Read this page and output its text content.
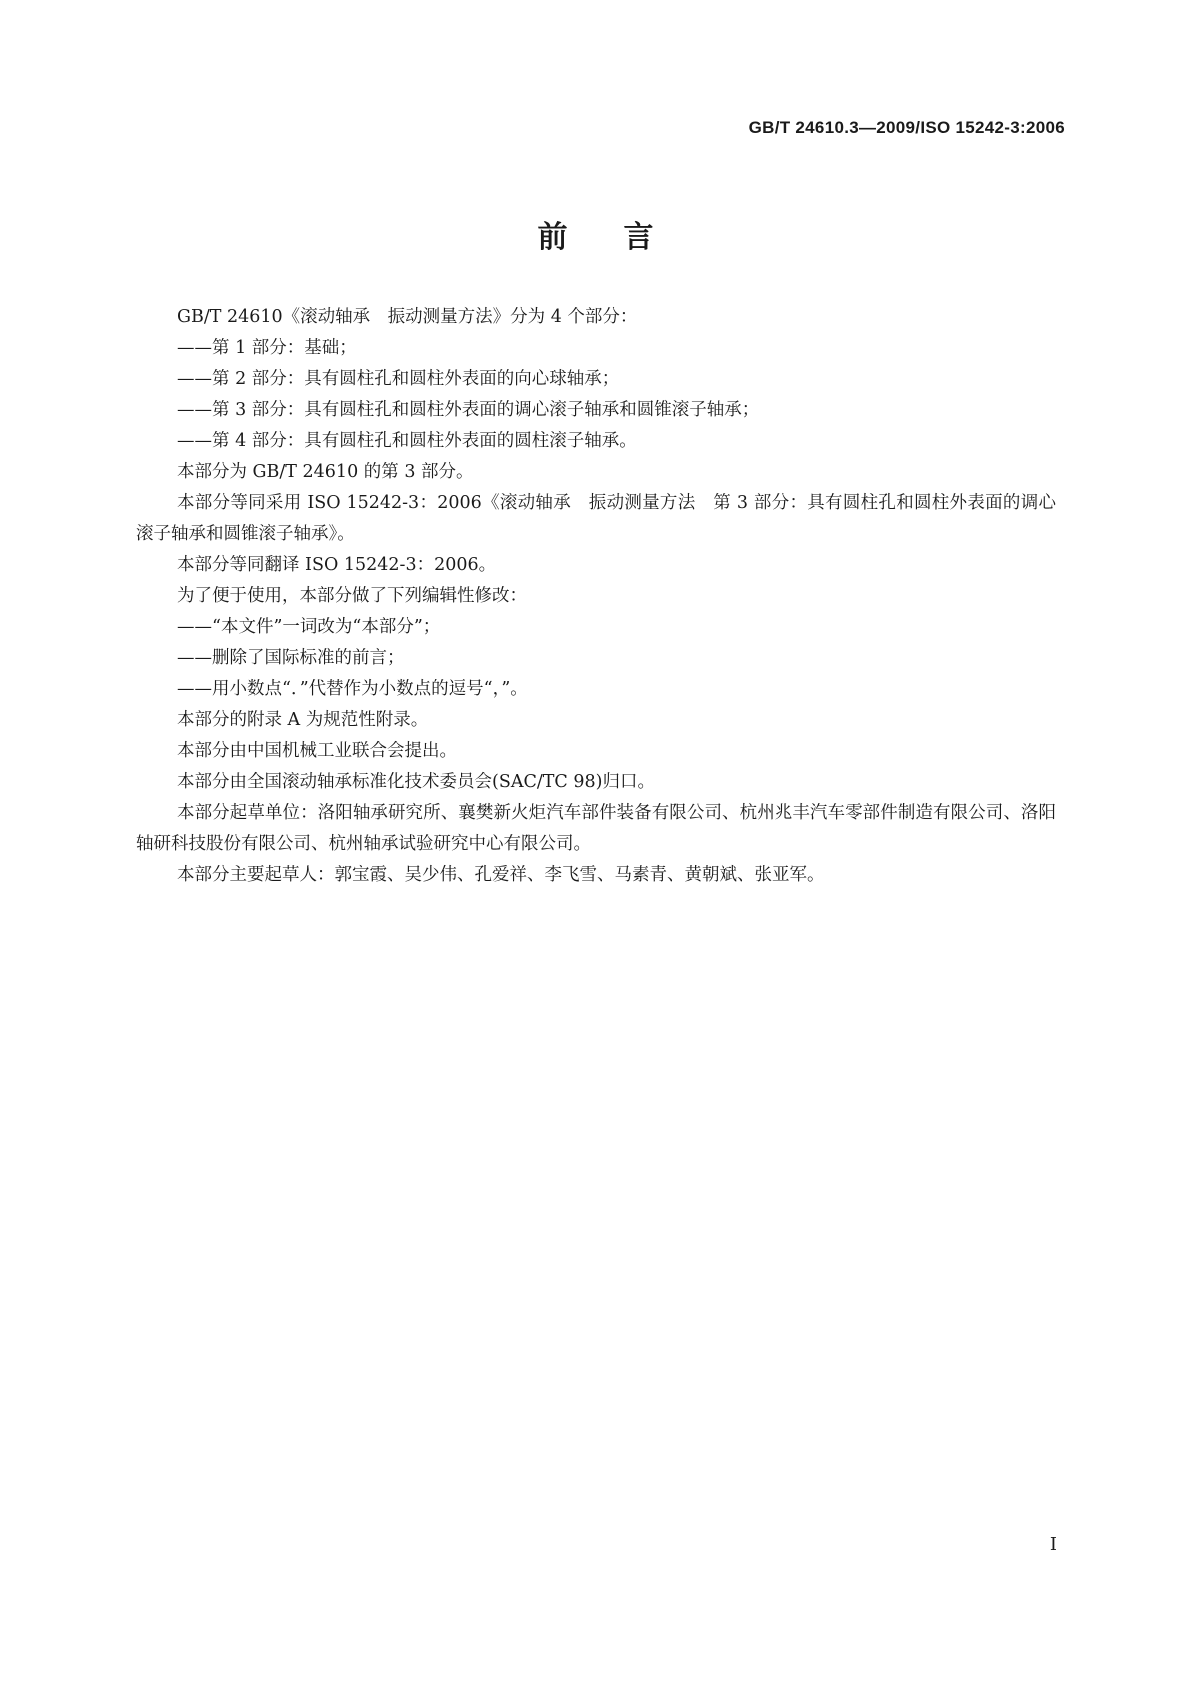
GB/T 24610.3—2009/ISO 15242-3:2006
前言

GB/T 24610《滚动轴承　振动测量方法》分为 4 个部分：

——第 1 部分：基础；

——第 2 部分：具有圆柱孔和圆柱外表面的向心球轴承；

——第 3 部分：具有圆柱孔和圆柱外表面的调心滚子轴承和圆锥滚子轴承；

——第 4 部分：具有圆柱孔和圆柱外表面的圆柱滚子轴承。

本部分为 GB/T 24610 的第 3 部分。

本部分等同采用 ISO 15242-3：2006《滚动轴承　振动测量方法　第 3 部分：具有圆柱孔和圆柱外表面的调心滚子轴承和圆锥滚子轴承》。

本部分等同翻译 ISO 15242-3：2006。

为了便于使用，本部分做了下列编辑性修改：

——“本文件”一词改为“本部分”；

——删除了国际标准的前言；

——用小数点“．”代替作为小数点的逗号“，”。

本部分的附录 A 为规范性附录。

本部分由中国机械工业联合会提出。

本部分由全国滚动轴承标准化技术委员会(SAC/TC 98)归口。

本部分起草单位：洛阳轴承研究所、襄樊新火炬汽车部件装备有限公司、杭州兆丰汽车零部件制造有限公司、洛阳轴研科技股份有限公司、杭州轴承试验研究中心有限公司。

本部分主要起草人：郭宝霞、吴少伟、孔爱祥、李飞雪、马素青、黄朝斌、张亚军。

I
